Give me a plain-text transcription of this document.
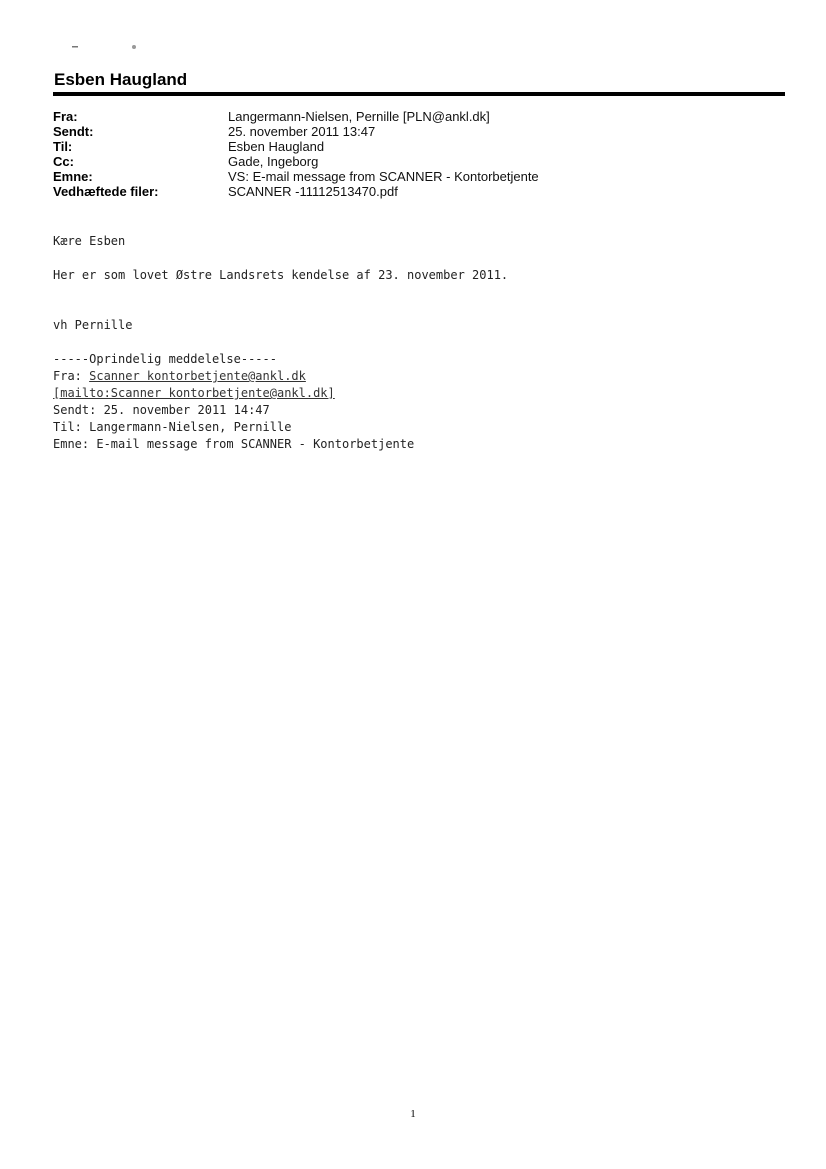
Esben Haugland
Fra:	Langermann-Nielsen, Pernille [PLN@ankl.dk]
Sendt:	25. november 2011 13:47
Til:	Esben Haugland
Cc:	Gade, Ingeborg
Emne:	VS: E-mail message from SCANNER - Kontorbetjente
Vedhæftede filer:	SCANNER -11112513470.pdf

Kære Esben

Her er som lovet Østre Landsrets kendelse af 23. november 2011.

vh Pernille

-----Oprindelig meddelelse-----

Fra: Scanner kontorbetjente@ankl.dk

[mailto:Scanner kontorbetjente@ankl.dk]

Sendt: 25. november 2011 14:47

Til: Langermann-Nielsen, Pernille

Emne: E-mail message from SCANNER - Kontorbetjente

1
